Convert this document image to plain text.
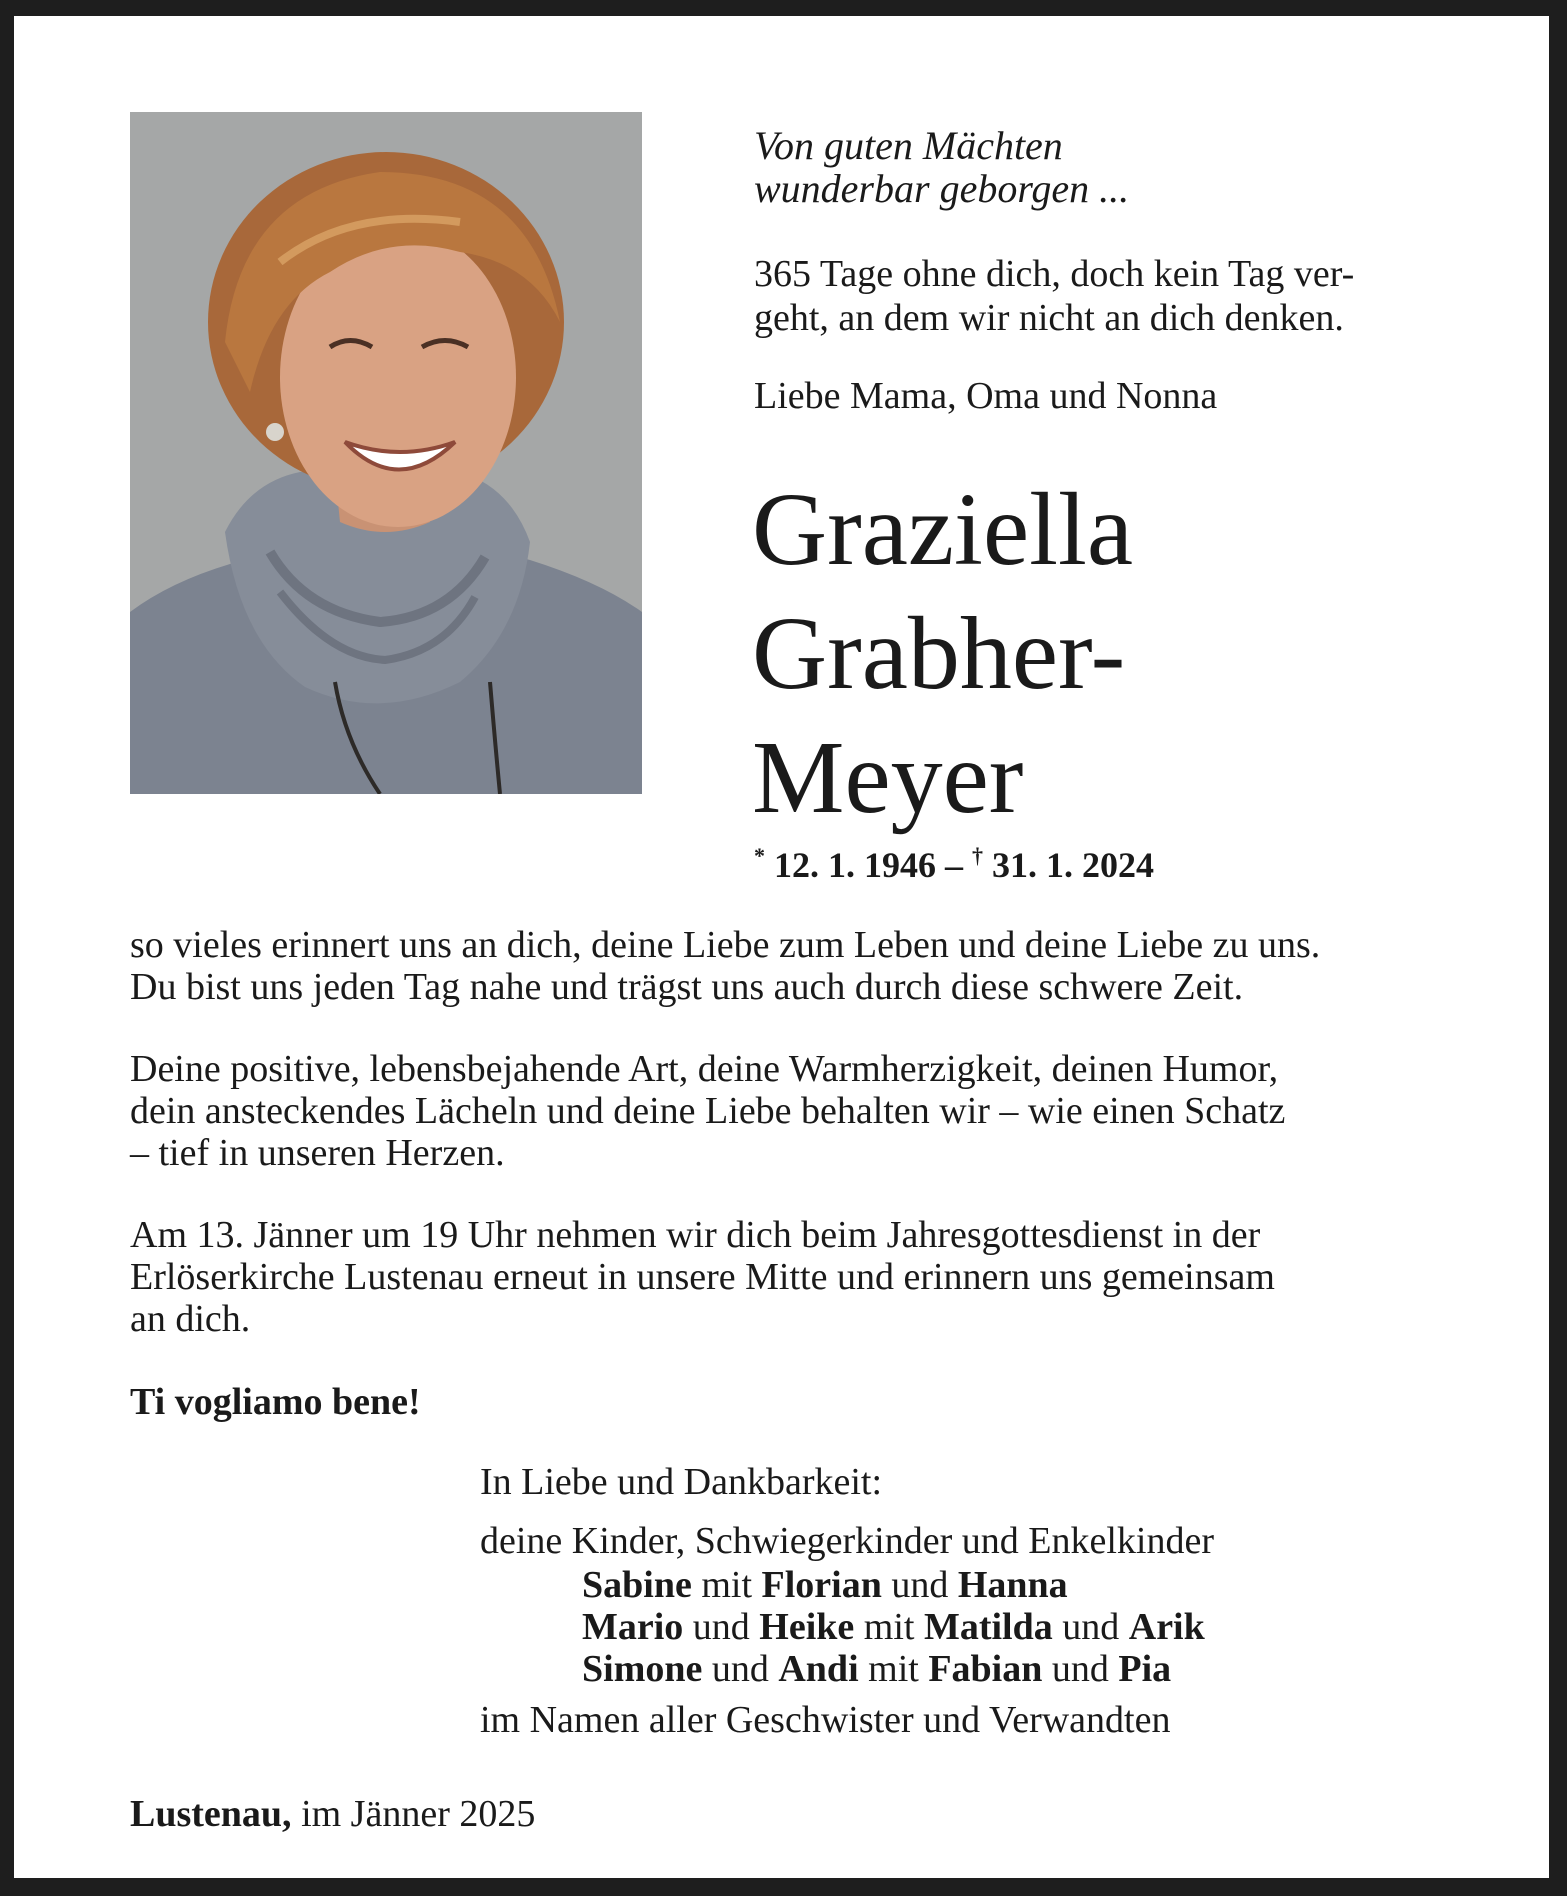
Von guten Mächten
wunderbar geborgen ...
365 Tage ohne dich, doch kein Tag ver-
geht, an dem wir nicht an dich denken.
Liebe Mama, Oma und Nonna
Graziella
Grabher-
Meyer
* 12. 1. 1946 – † 31. 1. 2024
so vieles erinnert uns an dich, deine Liebe zum Leben und deine Liebe zu uns.
Du bist uns jeden Tag nahe und trägst uns auch durch diese schwere Zeit.
Deine positive, lebensbejahende Art, deine Warmherzigkeit, deinen Humor,
dein ansteckendes Lächeln und deine Liebe behalten wir – wie einen Schatz
– tief in unseren Herzen.
Am 13. Jänner um 19 Uhr nehmen wir dich beim Jahresgottesdienst in der
Erlöserkirche Lustenau erneut in unsere Mitte und erinnern uns gemeinsam
an dich.
Ti vogliamo bene!
In Liebe und Dankbarkeit:
deine Kinder, Schwiegerkinder und Enkelkinder
Sabine mit Florian und Hanna
Mario und Heike mit Matilda und Arik
Simone und Andi mit Fabian und Pia
im Namen aller Geschwister und Verwandten
Lustenau, im Jänner 2025
